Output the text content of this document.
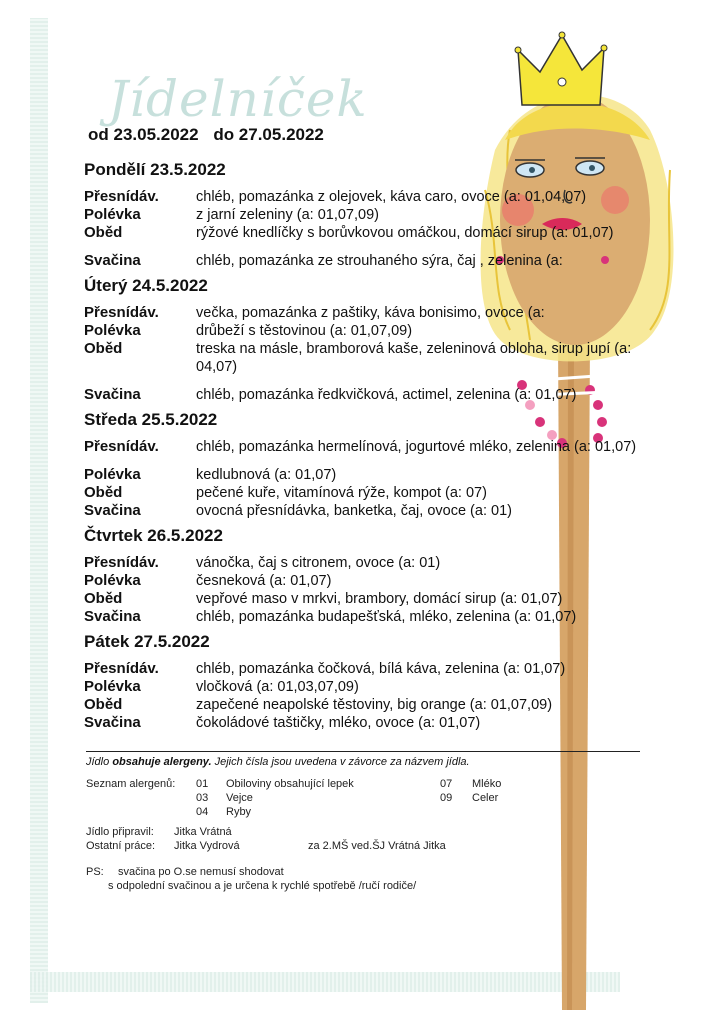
Jídelníček
od 23.05.2022 do 27.05.2022
Pondělí 23.5.2022
Přesnídáv.	chléb, pomazánka z olejovek, káva caro, ovoce (a: 01,04,07)
Polévka	z jarní zeleniny (a: 01,07,09)
Oběd	rýžové knedlíčky s borůvkovou omáčkou, domácí sirup (a: 01,07)
Svačina	chléb, pomazánka ze strouhaného sýra, čaj , zelenina (a:
Úterý 24.5.2022
Přesnídáv.	večka, pomazánka z paštiky, káva bonisimo, ovoce (a:
Polévka	drůbeží s těstovinou (a: 01,07,09)
Oběd	treska na másle, bramborová kaše, zeleninová obloha, sirup jupí (a: 04,07)
Svačina	chléb, pomazánka ředkvičková, actimel, zelenina (a: 01,07)
Středa 25.5.2022
Přesnídáv.	chléb, pomazánka hermelínová, jogurtové mléko, zelenina (a: 01,07)
Polévka	kedlubnová (a: 01,07)
Oběd	pečené kuře, vitamínová rýže, kompot (a: 07)
Svačina	ovocná přesnídávka, banketka, čaj, ovoce (a: 01)
Čtvrtek 26.5.2022
Přesnídáv.	vánočka, čaj s citronem, ovoce (a: 01)
Polévka	česneková (a: 01,07)
Oběd	vepřové maso v mrkvi, brambory, domácí sirup (a: 01,07)
Svačina	chléb, pomazánka budapešťská, mléko, zelenina (a: 01,07)
Pátek 27.5.2022
Přesnídáv.	chléb, pomazánka čočková, bílá káva, zelenina (a: 01,07)
Polévka	vločková (a: 01,03,07,09)
Oběd	zapečené neapolské těstoviny, big orange (a: 01,07,09)
Svačina	čokoládové taštičky, mléko, ovoce (a: 01,07)
Jídlo obsahuje alergeny. Jejich čísla jsou uvedena v závorce za názvem jídla.
Seznam alergenů: 01 Obiloviny obsahující lepek
03 Vejce
04 Ryby
07 Mléko
09 Celer
Jídlo připravil: Jitka Vrátná
Ostatní práce: Jitka Vydrová	za 2.MŠ ved.ŠJ Vrátná Jitka
PS: svačina po O.se nemusí shodovat
s odpolední svačinou a je určena k rychlé spotřebě /ručí rodiče/
